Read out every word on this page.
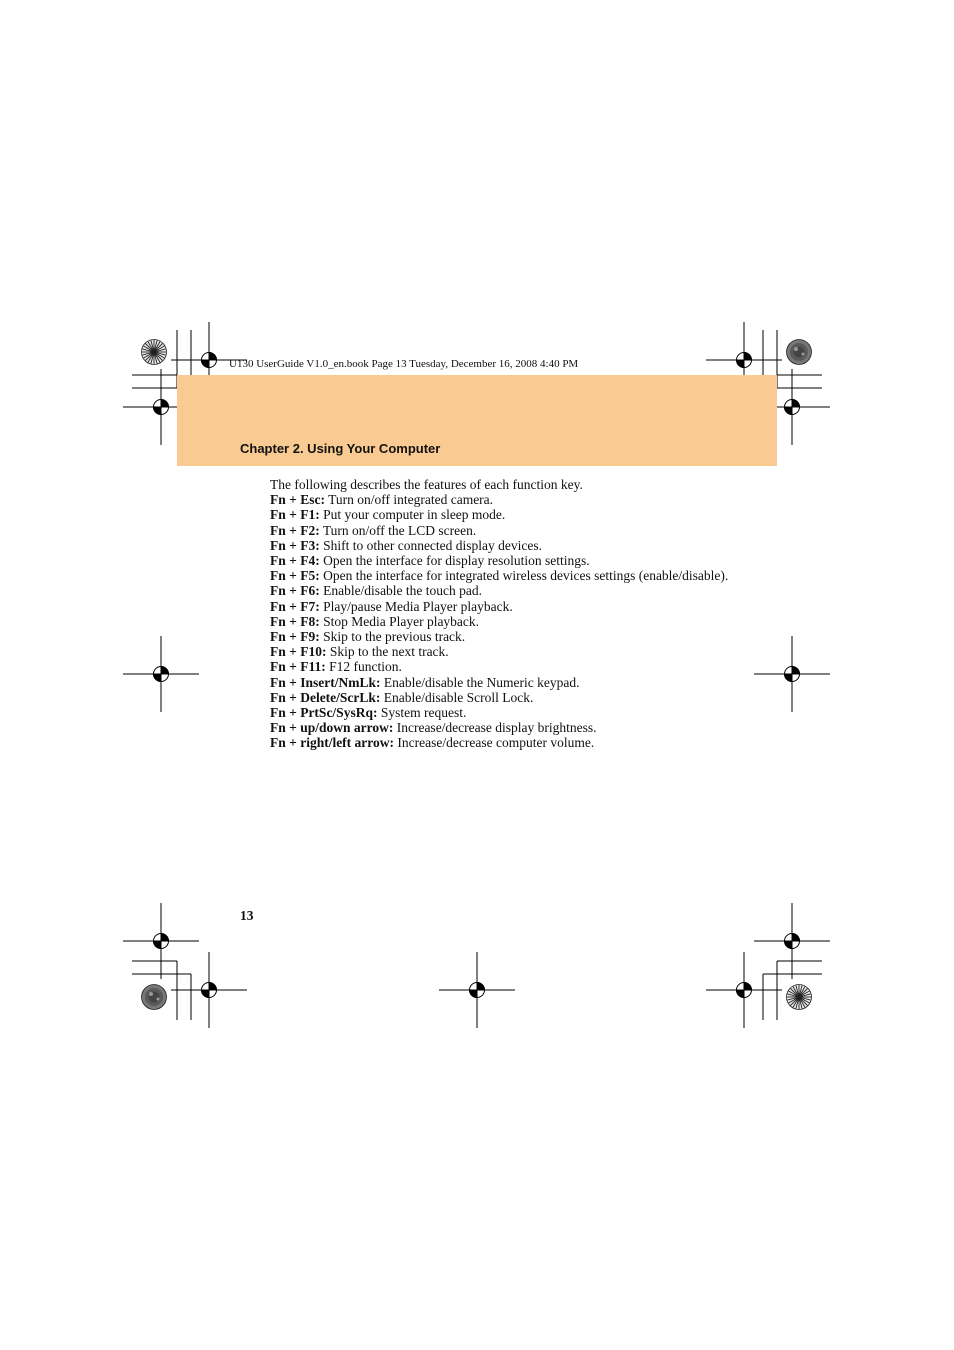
U130 UserGuide V1.0_en.book Page 13 Tuesday, December 16, 2008 4:40 PM
Chapter 2. Using Your Computer

The following describes the features of each function key.

Fn + Esc: Turn on/off integrated camera.

Fn + F1: Put your computer in sleep mode.

Fn + F2: Turn on/off the LCD screen.

Fn + F3: Shift to other connected display devices.

Fn + F4: Open the interface for display resolution settings.

Fn + F5: Open the interface for integrated wireless devices settings (enable/disable).

Fn + F6: Enable/disable the touch pad.

Fn + F7: Play/pause Media Player playback.

Fn + F8: Stop Media Player playback.

Fn + F9: Skip to the previous track.

Fn + F10: Skip to the next track.

Fn + F11: F12 function.

Fn + Insert/NmLk: Enable/disable the Numeric keypad.

Fn + Delete/ScrLk: Enable/disable Scroll Lock.

Fn + PrtSc/SysRq: System request.

Fn + up/down arrow: Increase/decrease display brightness.

Fn + right/left arrow: Increase/decrease computer volume.

13
